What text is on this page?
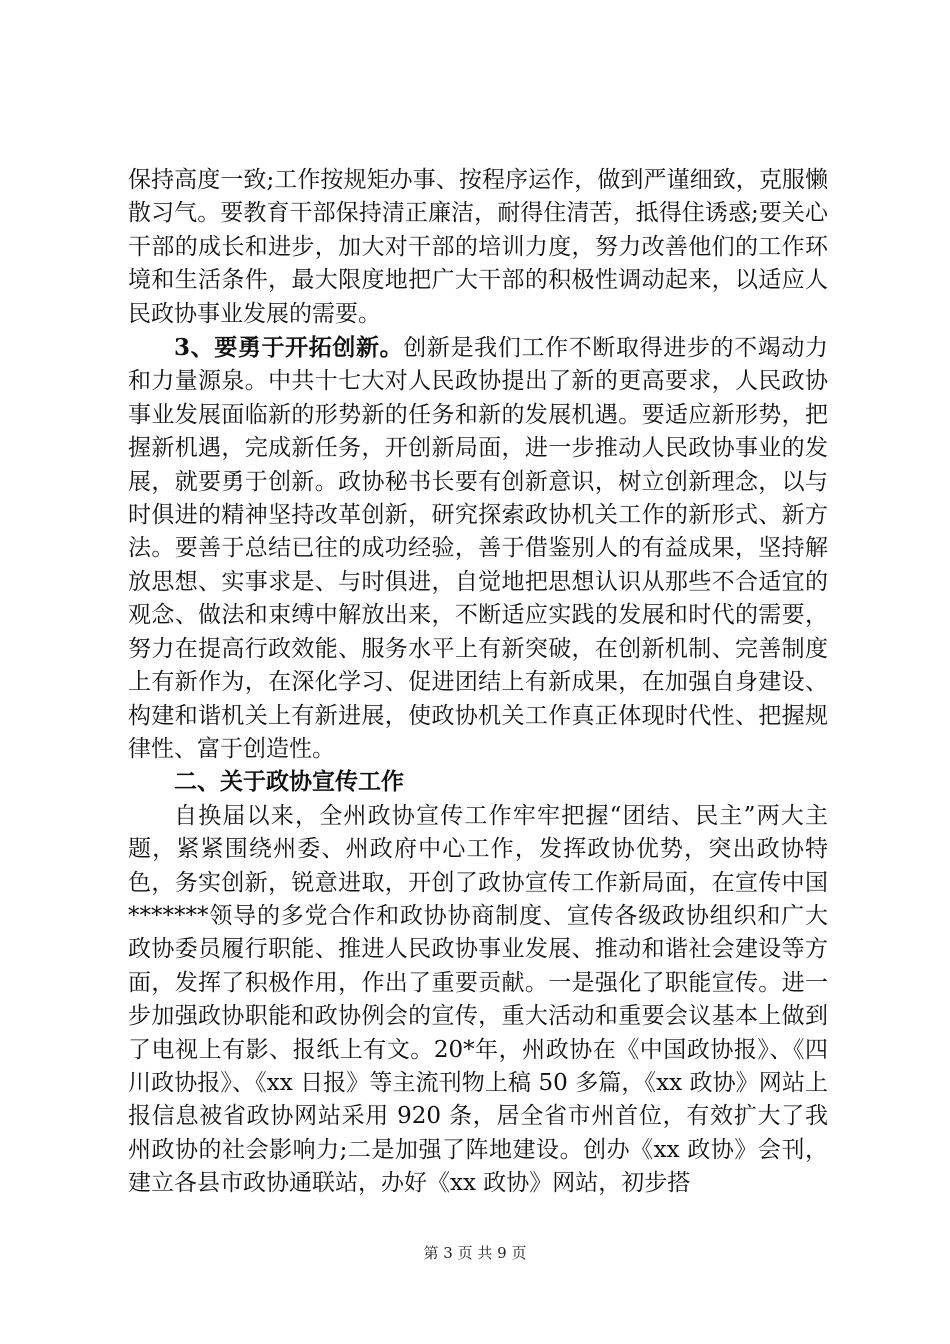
保持高度一致;工作按规矩办事、按程序运作，做到严谨细致，克服懒散习气。要教育干部保持清正廉洁，耐得住清苦，抵得住诱惑;要关心干部的成长和进步，加大对干部的培训力度，努力改善他们的工作环境和生活条件，最大限度地把广大干部的积极性调动起来，以适应人民政协事业发展的需要。

3、要勇于开拓创新。创新是我们工作不断取得进步的不竭动力和力量源泉。中共十七大对人民政协提出了新的更高要求，人民政协事业发展面临新的形势新的任务和新的发展机遇。要适应新形势，把握新机遇，完成新任务，开创新局面，进一步推动人民政协事业的发展，就要勇于创新。政协秘书长要有创新意识，树立创新理念，以与时俱进的精神坚持改革创新，研究探索政协机关工作的新形式、新方法。要善于总结已往的成功经验，善于借鉴别人的有益成果，坚持解放思想、实事求是、与时俱进，自觉地把思想认识从那些不合适宜的观念、做法和束缚中解放出来，不断适应实践的发展和时代的需要，努力在提高行政效能、服务水平上有新突破，在创新机制、完善制度上有新作为，在深化学习、促进团结上有新成果，在加强自身建设、构建和谐机关上有新进展，使政协机关工作真正体现时代性、把握规律性、富于创造性。

二、关于政协宣传工作

自换届以来，全州政协宣传工作牢牢把握“团结、民主”两大主题，紧紧围绕州委、州政府中心工作，发挥政协优势，突出政协特色，务实创新，锐意进取，开创了政协宣传工作新局面，在宣传中国*******领导的多党合作和政协协商制度、宣传各级政协组织和广大政协委员履行职能、推进人民政协事业发展、推动和谐社会建设等方面，发挥了积极作用，作出了重要贡献。一是强化了职能宣传。进一步加强政协职能和政协例会的宣传，重大活动和重要会议基本上做到了电视上有影、报纸上有文。20*年，州政协在《中国政协报》、《四川政协报》、《xx 日报》等主流刊物上稿 50 多篇，《xx 政协》网站上报信息被省政协网站采用 920 条，居全省市州首位，有效扩大了我州政协的社会影响力;二是加强了阵地建设。创办《xx 政协》会刊，建立各县市政协通联站，办好《xx 政协》网站，初步搭

第 3 页 共 9 页
